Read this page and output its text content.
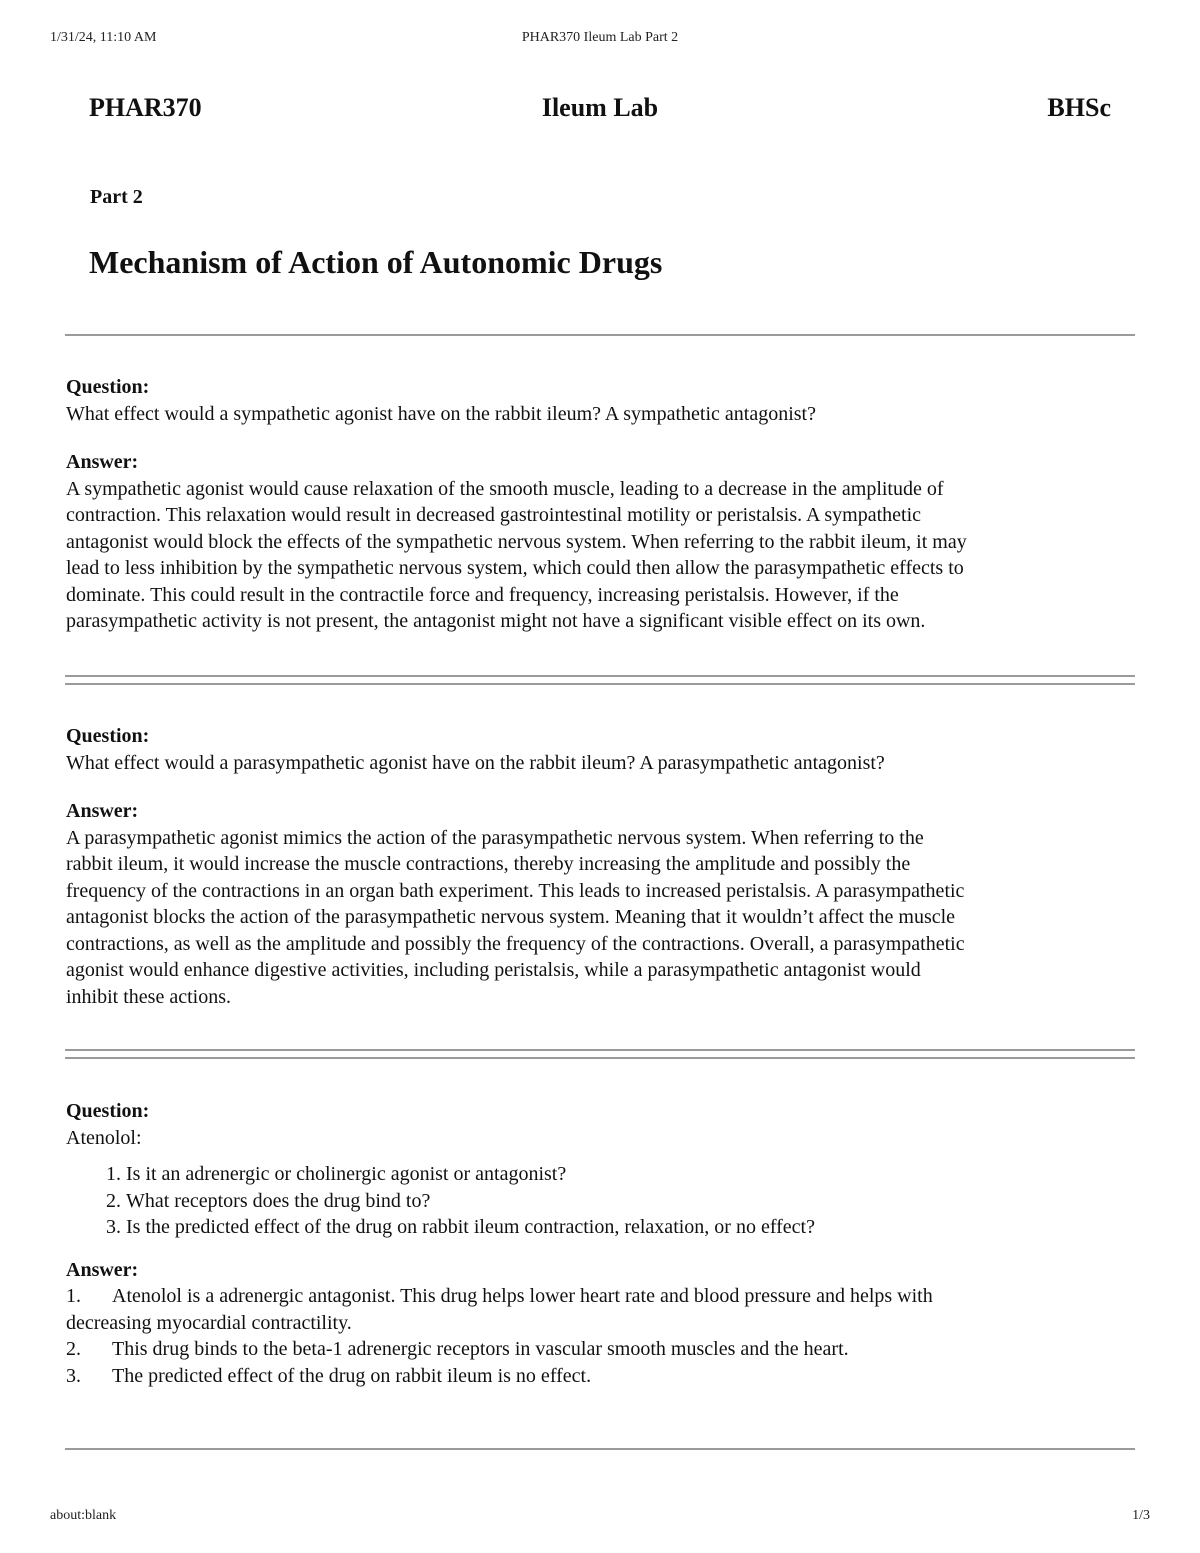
1/31/24, 11:10 AM	PHAR370 Ileum Lab Part 2
PHAR370	Ileum Lab	BHSc
Part 2
Mechanism of Action of Autonomic Drugs
Question:
What effect would a sympathetic agonist have on the rabbit ileum? A sympathetic antagonist?
Answer:
A sympathetic agonist would cause relaxation of the smooth muscle, leading to a decrease in the amplitude of
contraction. This relaxation would result in decreased gastrointestinal motility or peristalsis. A sympathetic
antagonist would block the effects of the sympathetic nervous system. When referring to the rabbit ileum, it may
lead to less inhibition by the sympathetic nervous system, which could then allow the parasympathetic effects to
dominate. This could result in the contractile force and frequency, increasing peristalsis. However, if the
parasympathetic activity is not present, the antagonist might not have a significant visible effect on its own.
Question:
What effect would a parasympathetic agonist have on the rabbit ileum? A parasympathetic antagonist?
Answer:
A parasympathetic agonist mimics the action of the parasympathetic nervous system. When referring to the
rabbit ileum, it would increase the muscle contractions, thereby increasing the amplitude and possibly the
frequency of the contractions in an organ bath experiment. This leads to increased peristalsis. A parasympathetic
antagonist blocks the action of the parasympathetic nervous system. Meaning that it wouldn’t affect the muscle
contractions, as well as the amplitude and possibly the frequency of the contractions. Overall, a parasympathetic
agonist would enhance digestive activities, including peristalsis, while a parasympathetic antagonist would
inhibit these actions.
Question:
Atenolol:
1. Is it an adrenergic or cholinergic agonist or antagonist?
2. What receptors does the drug bind to?
3. Is the predicted effect of the drug on rabbit ileum contraction, relaxation, or no effect?
Answer:
1. Atenolol is a adrenergic antagonist. This drug helps lower heart rate and blood pressure and helps with
decreasing myocardial contractility.
2. This drug binds to the beta-1 adrenergic receptors in vascular smooth muscles and the heart.
3. The predicted effect of the drug on rabbit ileum is no effect.
about:blank	1/3
